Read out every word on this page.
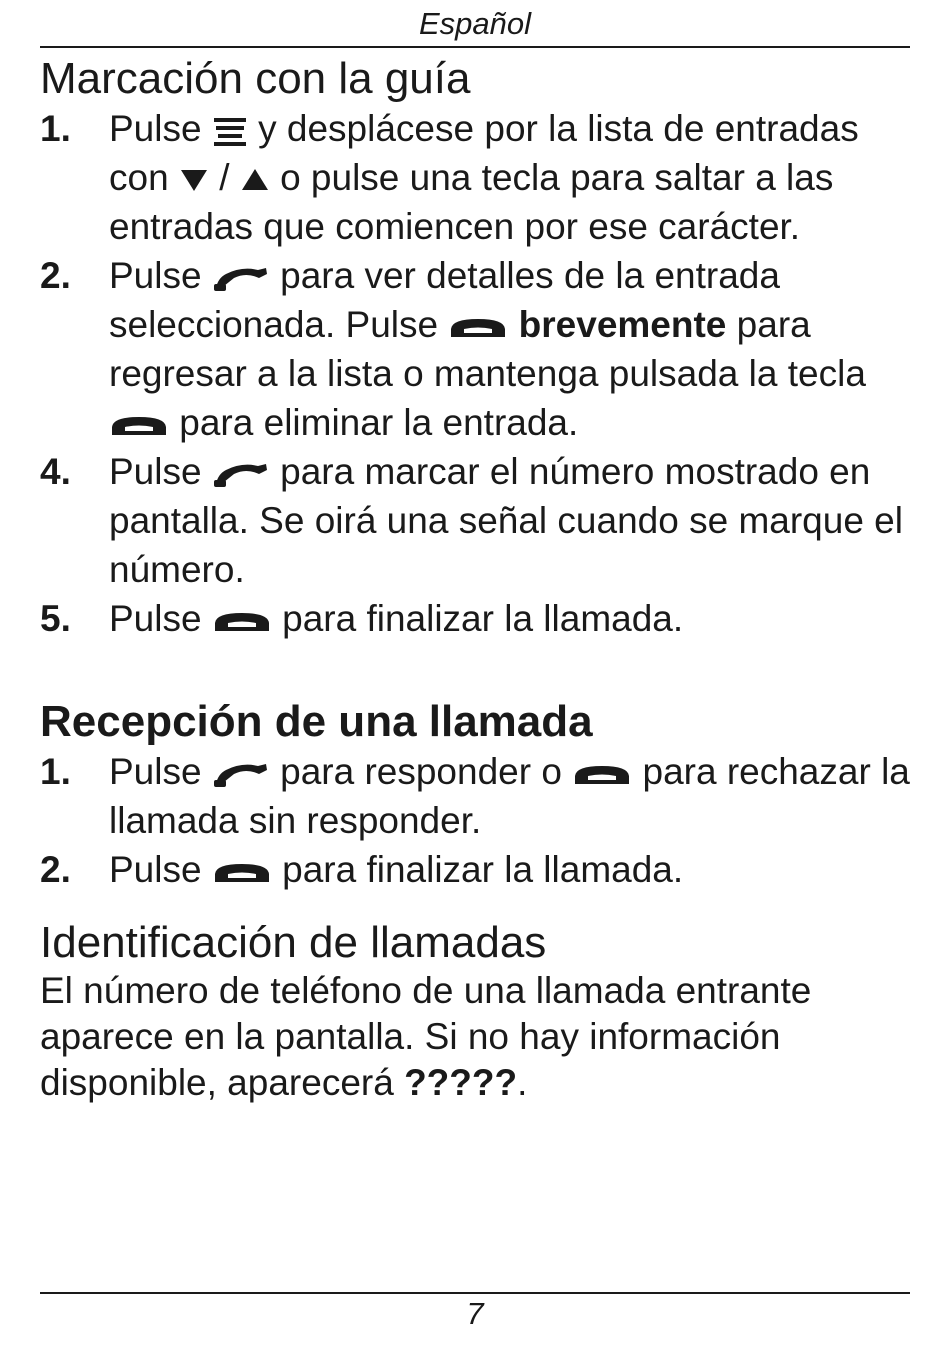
Español
Marcación con la guía
1. Pulse y desplácese por la lista de entradas con / o pulse una tecla para saltar a las entradas que comiencen por ese carácter.
2. Pulse para ver detalles de la entrada seleccionada. Pulse brevemente para regresar a la lista o mantenga pulsada la tecla
para eliminar la entrada.
4. Pulse para marcar el número mostrado en pantalla. Se oirá una señal cuando se marque el número.
5. Pulse para finalizar la llamada.
Recepción de una llamada
1. Pulse para responder o para rechazar la llamada sin responder.
2. Pulse para finalizar la llamada.
Identificación de llamadas

El número de teléfono de una llamada entrante aparece en la pantalla. Si no hay información disponible, aparecerá ?????.

7
